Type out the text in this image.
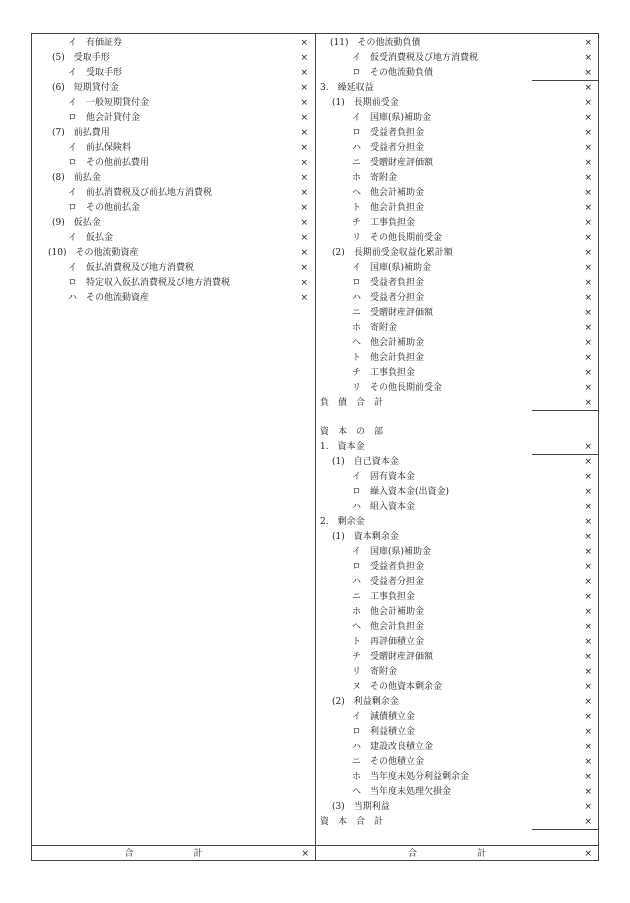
イ　有価証券	×
(5)　受取手形	×
イ　受取手形	×
(6)　短期貸付金	×
イ　一般短期貸付金	×
ロ　他会計貸付金	×
(7)　前払費用	×
イ　前払保険料	×
ロ　その他前払費用	×
(8)　前払金	×
イ　前払消費税及び前払地方消費税	×
ロ　その他前払金	×
(9)　仮払金	×
イ　仮払金	×
(10)　その他流動資産	×
イ　仮払消費税及び地方消費税	×
ロ　特定収入仮払消費税及び地方消費税	×
ハ　その他流動資産	×
(11)　その他流動負債	×
イ　仮受消費税及び地方消費税	×
ロ　その他流動負債	×
3.　繰延収益	×
(1)　長期前受金	×
イ　国庫(県)補助金	×
ロ　受益者負担金	×
ハ　受益者分担金	×
ニ　受贈財産評価額	×
ホ　寄附金	×
ヘ　他会計補助金	×
ト　他会計負担金	×
チ　工事負担金	×
リ　その他長期前受金	×
(2)　長期前受金収益化累計額	×
イ　国庫(県)補助金	×
ロ　受益者負担金	×
ハ　受益者分担金	×
ニ　受贈財産評価額	×
ホ　寄附金	×
ヘ　他会計補助金	×
ト　他会計負担金	×
チ　工事負担金	×
リ　その他長期前受金	×
負　債　合　計	×
資　本　の　部
1.　資本金	×
(1)　自己資本金	×
イ　固有資本金	×
ロ　繰入資本金(出資金)	×
ハ　組入資本金	×
2.　剰余金	×
(1)　資本剰余金	×
イ　国庫(県)補助金	×
ロ　受益者負担金	×
ハ　受益者分担金	×
ニ　工事負担金	×
ホ　他会計補助金	×
ヘ　他会計負担金	×
ト　再評価積立金	×
チ　受贈財産評価額	×
リ　寄附金	×
ヌ　その他資本剰余金	×
(2)　利益剰余金	×
イ　減債積立金	×
ロ　利益積立金	×
ハ　建設改良積立金	×
ニ　その他積立金	×
ホ　当年度未処分利益剰余金	×
ヘ　当年度未処理欠損金	×
(3)　当期利益	×
資　本　合　計	×
合計	×	合計	×
